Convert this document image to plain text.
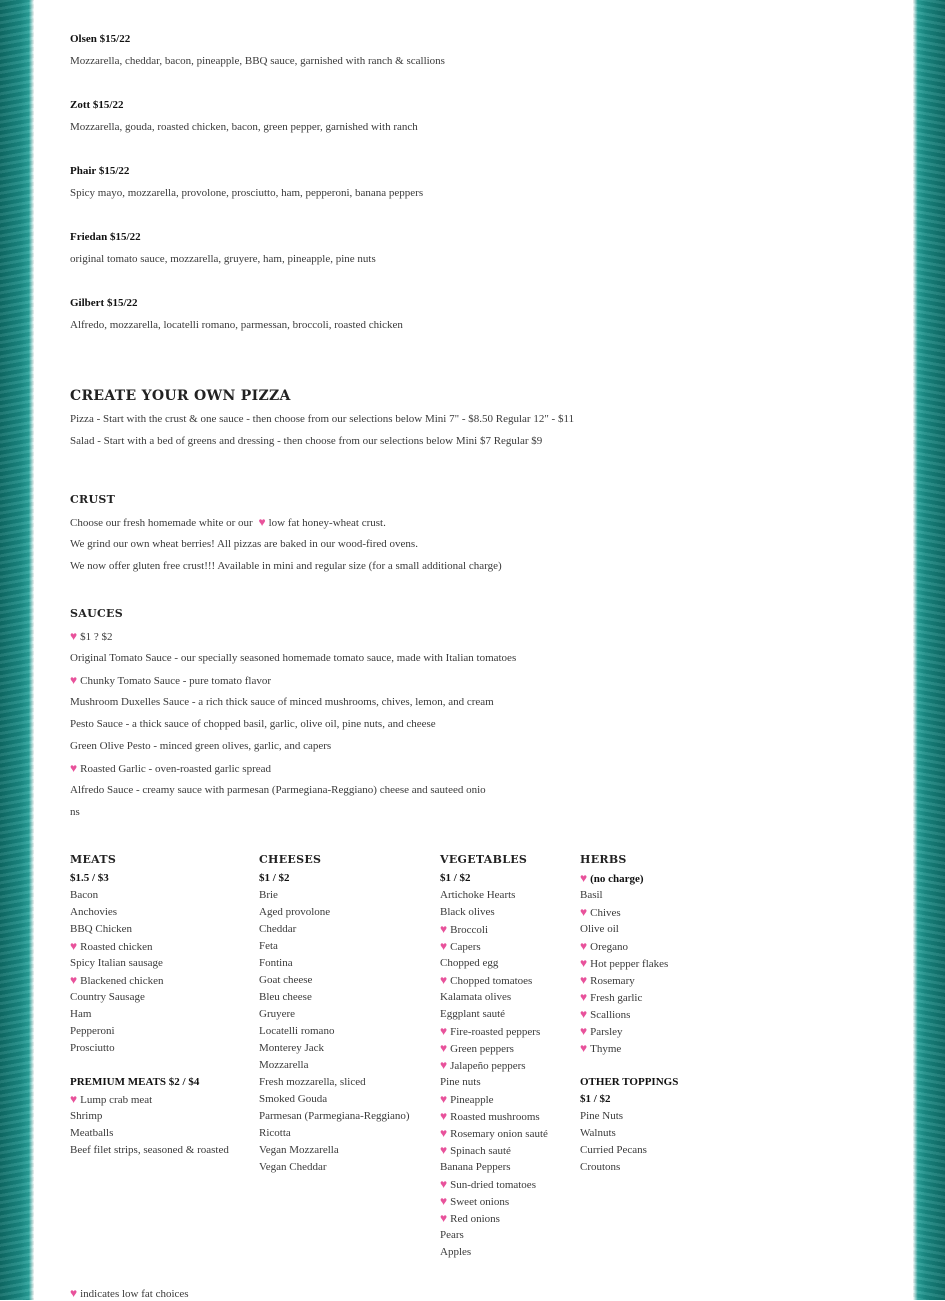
Olsen $15/22
Mozzarella, cheddar, bacon, pineapple, BBQ sauce, garnished with ranch & scallions
Zott $15/22
Mozzarella, gouda, roasted chicken, bacon, green pepper, garnished with ranch
Phair $15/22
Spicy mayo, mozzarella, provolone, prosciutto, ham, pepperoni, banana peppers
Friedan $15/22
original tomato sauce, mozzarella, gruyere, ham, pineapple, pine nuts
Gilbert $15/22
Alfredo, mozzarella, locatelli romano, parmessan, broccoli, roasted chicken
CREATE YOUR OWN PIZZA
Pizza - Start with the crust & one sauce - then choose from our selections below Mini 7" - $8.50 Regular 12" - $11
Salad - Start with a bed of greens and dressing - then choose from our selections below Mini $7 Regular $9
CRUST
Choose our fresh homemade white or our ♥ low fat honey-wheat crust.
We grind our own wheat berries! All pizzas are baked in our wood-fired ovens.
We now offer gluten free crust!!! Available in mini and regular size (for a small additional charge)
SAUCES
♥ $1 ? $2
Original Tomato Sauce - our specially seasoned homemade tomato sauce, made with Italian tomatoes
♥ Chunky Tomato Sauce - pure tomato flavor
Mushroom Duxelles Sauce - a rich thick sauce of minced mushrooms, chives, lemon, and cream
Pesto Sauce - a thick sauce of chopped basil, garlic, olive oil, pine nuts, and cheese
Green Olive Pesto - minced green olives, garlic, and capers
♥ Roasted Garlic - oven-roasted garlic spread
Alfredo Sauce - creamy sauce with parmesan (Parmegiana-Reggiano) cheese and sauteed onio
ns
MEATS
$1.5 / $3
Bacon
Anchovies
BBQ Chicken
♥ Roasted chicken
Spicy Italian sausage
♥ Blackened chicken
Country Sausage
Ham
Pepperoni
Prosciutto
PREMIUM MEATS $2 / $4
♥ Lump crab meat
Shrimp
Meatballs
Beef filet strips, seasoned & roasted
CHEESES
$1 / $2
Brie
Aged provolone
Cheddar
Feta
Fontina
Goat cheese
Bleu cheese
Gruyere
Locatelli romano
Monterey Jack
Mozzarella
Fresh mozzarella, sliced
Smoked Gouda
Parmesan (Parmegiana-Reggiano)
Ricotta
Vegan Mozzarella
Vegan Cheddar
VEGETABLES
$1 / $2
Artichoke Hearts
Black olives
♥ Broccoli
♥ Capers
Chopped egg
♥ Chopped tomatoes
Kalamata olives
Eggplant sauté
♥ Fire-roasted peppers
♥ Green peppers
♥ Jalapeño peppers
Pine nuts
♥ Pineapple
♥ Roasted mushrooms
♥ Rosemary onion sauté
♥ Spinach sauté
Banana Peppers
♥ Sun-dried tomatoes
♥ Sweet onions
♥ Red onions
Pears
Apples
HERBS
♥ (no charge)
Basil
♥ Chives
Olive oil
♥ Oregano
♥ Hot pepper flakes
♥ Rosemary
♥ Fresh garlic
♥ Scallions
♥ Parsley
♥ Thyme
OTHER TOPPINGS
$1 / $2
Pine Nuts
Walnuts
Curried Pecans
Croutons
♥ indicates low fat choices
